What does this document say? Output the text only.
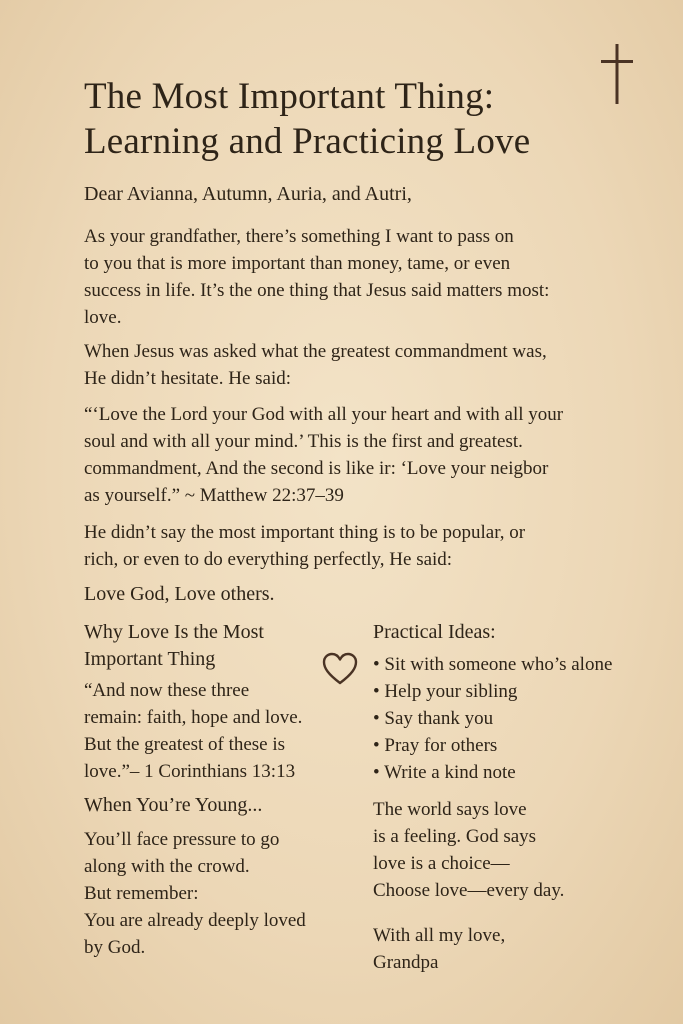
The Most Important Thing:
Learning and Practicing Love
Dear Avianna, Autumn, Auria, and Autri,
As your grandfather, there’s something I want to pass on
to you that is more important than money, tame, or even
success in life. It’s the one thing that Jesus said matters most:
love.
When Jesus was asked what the greatest commandment was,
He didn’t hesitate. He said:
“‘Love the Lord your God with all your heart and with all your
soul and with all your mind.’ This is the first and greatest.
commandment, And the second is like ir: ‘Love your neigbor
as yourself.” ~ Matthew 22:37–39
He didn’t say the most important thing is to be popular, or
rich, or even to do everything perfectly, He said:
Love God, Love others.
Why Love Is the Most
Important Thing
“And now these three
remain: faith, hope and love.
But the greatest of these is
love.”– 1 Corinthians 13:13
When You’re Young...
You’ll face pressure to go
along with the crowd.
But remember:
You are already deeply loved
by God.
Practical Ideas:
• Sit with someone who’s alone
• Help your sibling
• Say thank you
• Pray for others
• Write a kind note
The world says love
is a feeling. God says
love is a choice—
Choose love—every day.
With all my love,
Grandpa
